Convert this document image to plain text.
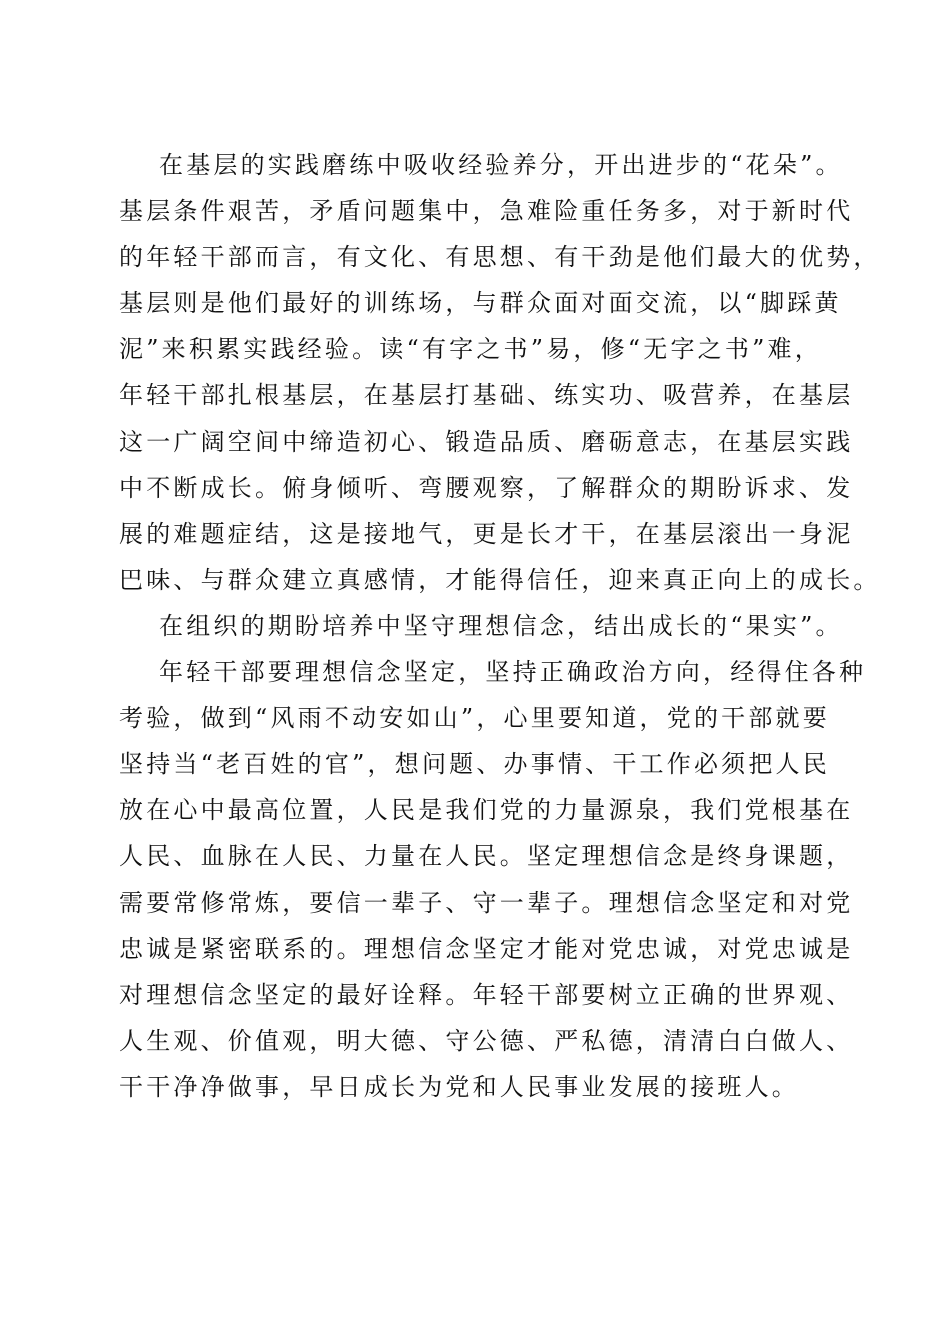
在基层的实践磨练中吸收经验养分，开出进步的“花朵”。
基层条件艰苦，矛盾问题集中，急难险重任务多，对于新时代
的年轻干部而言，有文化、有思想、有干劲是他们最大的优势，
基层则是他们最好的训练场，与群众面对面交流，以“脚踩黄
泥”来积累实践经验。读“有字之书”易，修“无字之书”难，
年轻干部扎根基层，在基层打基础、练实功、吸营养，在基层
这一广阔空间中缔造初心、锻造品质、磨砺意志，在基层实践
中不断成长。俯身倾听、弯腰观察，了解群众的期盼诉求、发
展的难题症结，这是接地气，更是长才干，在基层滚出一身泥
巴味、与群众建立真感情，才能得信任，迎来真正向上的成长。
在组织的期盼培养中坚守理想信念，结出成长的“果实”。
年轻干部要理想信念坚定，坚持正确政治方向，经得住各种
考验，做到“风雨不动安如山”，心里要知道，党的干部就要
坚持当“老百姓的官”，想问题、办事情、干工作必须把人民
放在心中最高位置，人民是我们党的力量源泉，我们党根基在
人民、血脉在人民、力量在人民。坚定理想信念是终身课题，
需要常修常炼，要信一辈子、守一辈子。理想信念坚定和对党
忠诚是紧密联系的。理想信念坚定才能对党忠诚，对党忠诚是
对理想信念坚定的最好诠释。年轻干部要树立正确的世界观、
人生观、价值观，明大德、守公德、严私德，清清白白做人、
干干净净做事，早日成长为党和人民事业发展的接班人。
